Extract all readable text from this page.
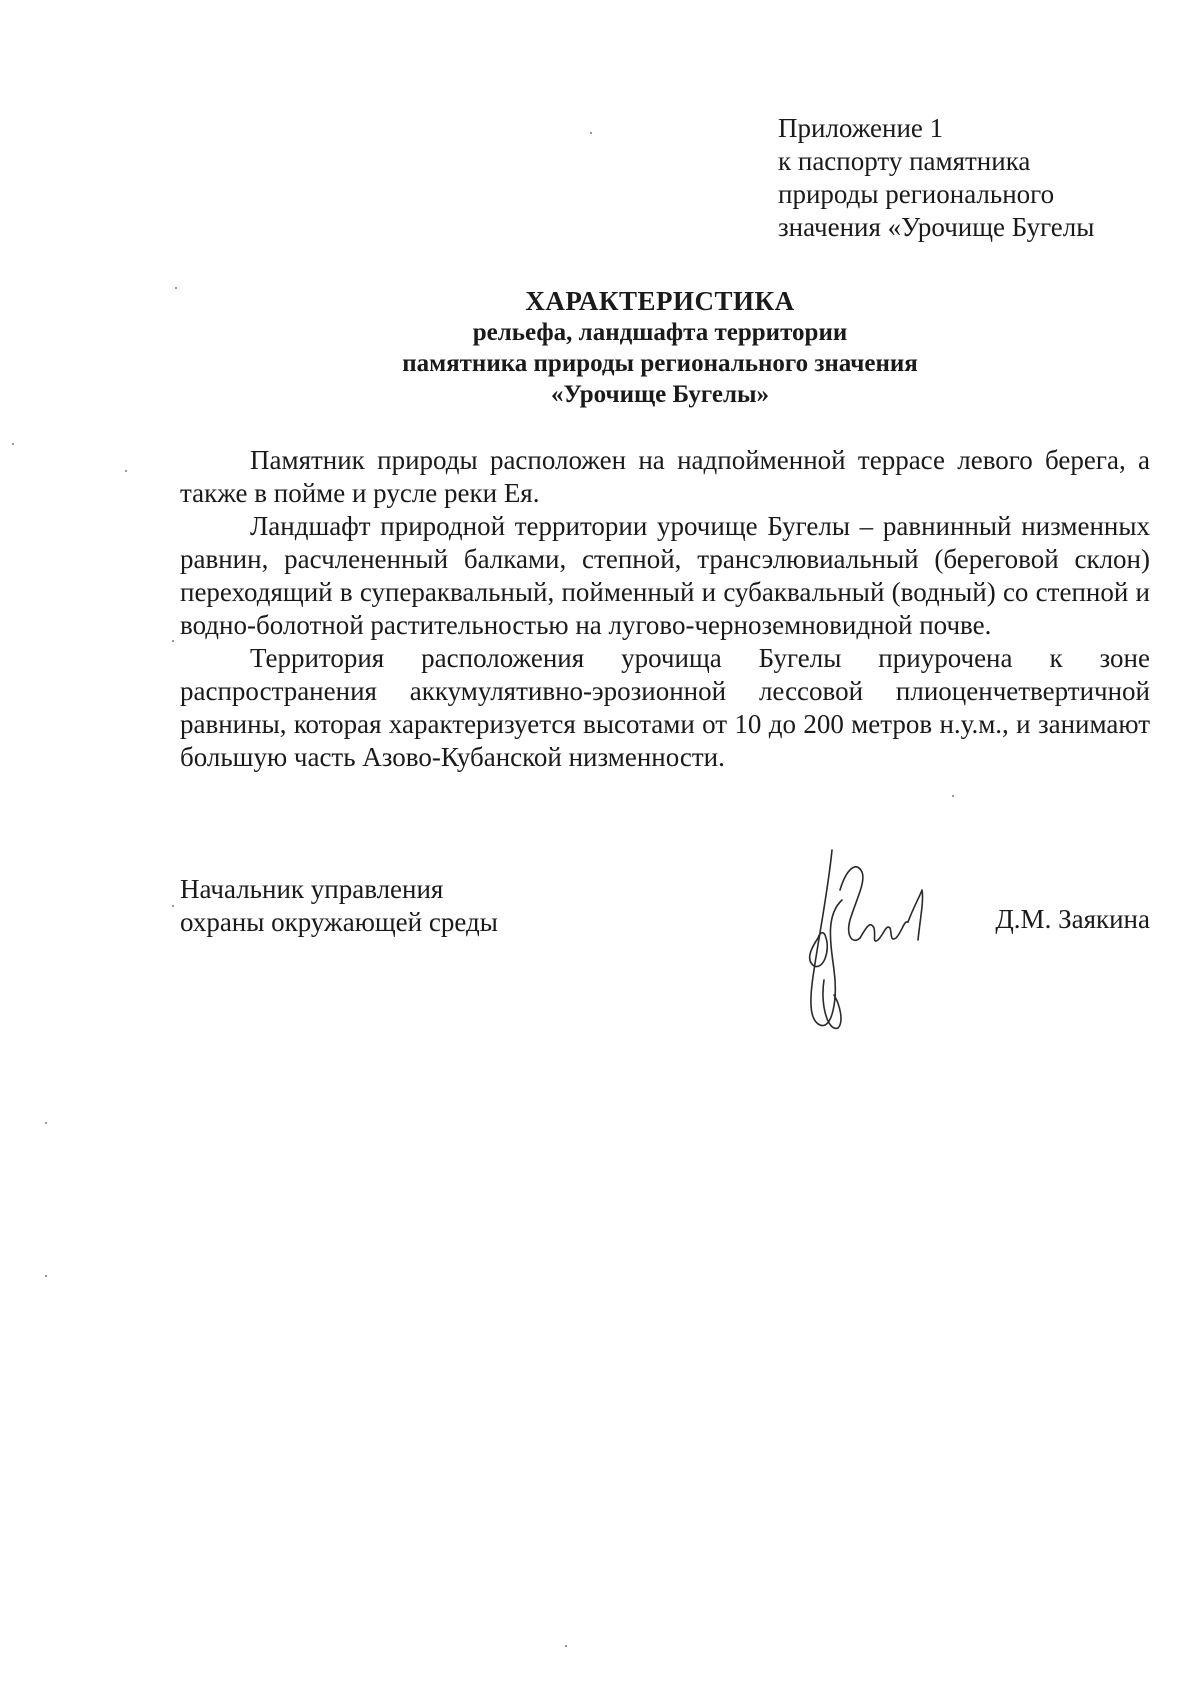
Приложение 1
к паспорту памятника
природы регионального
значения «Урочище Бугелы
ХАРАКТЕРИСТИКА
рельефа, ландшафта территории
памятника природы регионального значения
«Урочище Бугелы»

Памятник природы расположен на надпойменной террасе левого берега, а также в пойме и русле реки Ея.

Ландшафт природной территории урочище Бугелы – равнинный низменных равнин, расчлененный балками, степной, трансэлювиальный (береговой склон) переходящий в супераквальный, пойменный и субаквальный (водный) со степной и водно-болотной растительностью на лугово-черноземновидной почве.

Территория расположения урочища Бугелы приурочена к зоне распространения аккумулятивно-эрозионной лессовой плиоценчетвертичной равнины, которая характеризуется высотами от 10 до 200 метров н.у.м., и занимают большую часть Азово-Кубанской низменности.

Начальник управления
охраны окружающей среды	Д.М. Заякина
